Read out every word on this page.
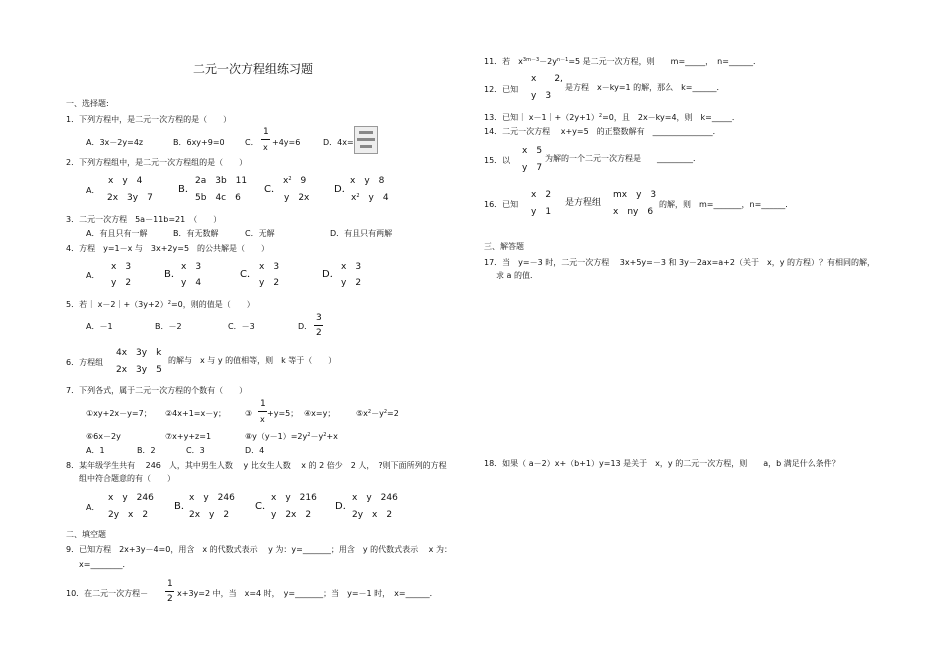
二元一次方程组练习题
一、选择题:
1．下列方程中，是二元一次方程的是（　　）
A．3x－2y=4z	B．6xy+9=0	C．
1
x
+4y=6	D．4x=
2．下列方程组中，是二元一次方程组的是（　　）
A．
x　y　4
2x　3y　7
B．
2a　3b　11
5b　4c　6
C．
$x^2$　9
y　2x
D．
x　y　8
$x^2$　y　4
3．二元一次方程　5a－11b=21　（　　）
A．有且只有一解	B．有无数解	C．无解	D．有且只有两解
4．方程　y=1－x 与　3x+2y=5　的公共解是（　　）
A．
x　3
y　2
B．
x　3
y　4
C．
x　3
y　2
D．
x　3
y　2
5．若｜ $x-2|+(3y+2)^2=0$，则的值是（　　）
A．－1	B．－2	C．－3	D．
3
2
6．方程组
4x　3y　k
2x　3y　5
的解与　x 与 y 的值相等，则　k 等于（　　）
7．下列各式，属于二元一次方程的个数有（　　）
①xy+2x－y=7； ②4x+1=x－y； ③
1
x
+y=5； ④x=y；	$⑤x^2-y^2=2$
⑥6x－2y	⑦x+y+z=1	$⑧y(y-1)=2y^2-y^2+x$
A．1	B．2	C．3	D．4
8．某年级学生共有　 246　人，其中男生人数　 y 比女生人数　 x 的 2 倍少　2 人，　?则下面所列的方程
组中符合题意的有（　　）
A．
x　y　246
2y　x　2
B．
x　y　246
2x　y　2
C．
x　y　216
y　2x　2
D．
x　y　246
2y　x　2
二、填空题
9．已知方程　2x+3y－4=0，用含　x 的代数式表示　 y 为：y=_______；用含　y 的代数式表示　 x 为：
x=________．
10．在二元一次方程－
1
2
x+3y=2 中，当　x=4 时，　y=_______；当　y=－1 时，　x=______．
11．若　$x^{3m-3}-2y^{n-1}=5$ 是二元一次方程，则　　m=_____，　n=______．
12．已知
x　　2,
y　3
是方程　x－ky=1 的解，那么　k=______．
13．已知｜ $x-1|+(2y+1)^2=0$，且　2x－ky=4，则　k=_____．
14．二元一次方程　 x+y=5　的正整数解有　_______________．
15．以
x　5
y　7
为解的一个二元一次方程是　　_________．
16．已知
x　2
y　1
是方程组
mx　y　3
x　ny　6
的解，则　m=_______，n=______．
三、解答题
17．当　y=－3 时，二元一次方程　 3x+5y=－3 和 3y－2ax=a+2（关于　x，y 的方程）？有相同的解，
求 a 的值．
18．如果（ a－2）x+（b+1）y=13 是关于　x，y 的二元一次方程，则　　a，b 满足什么条件？
